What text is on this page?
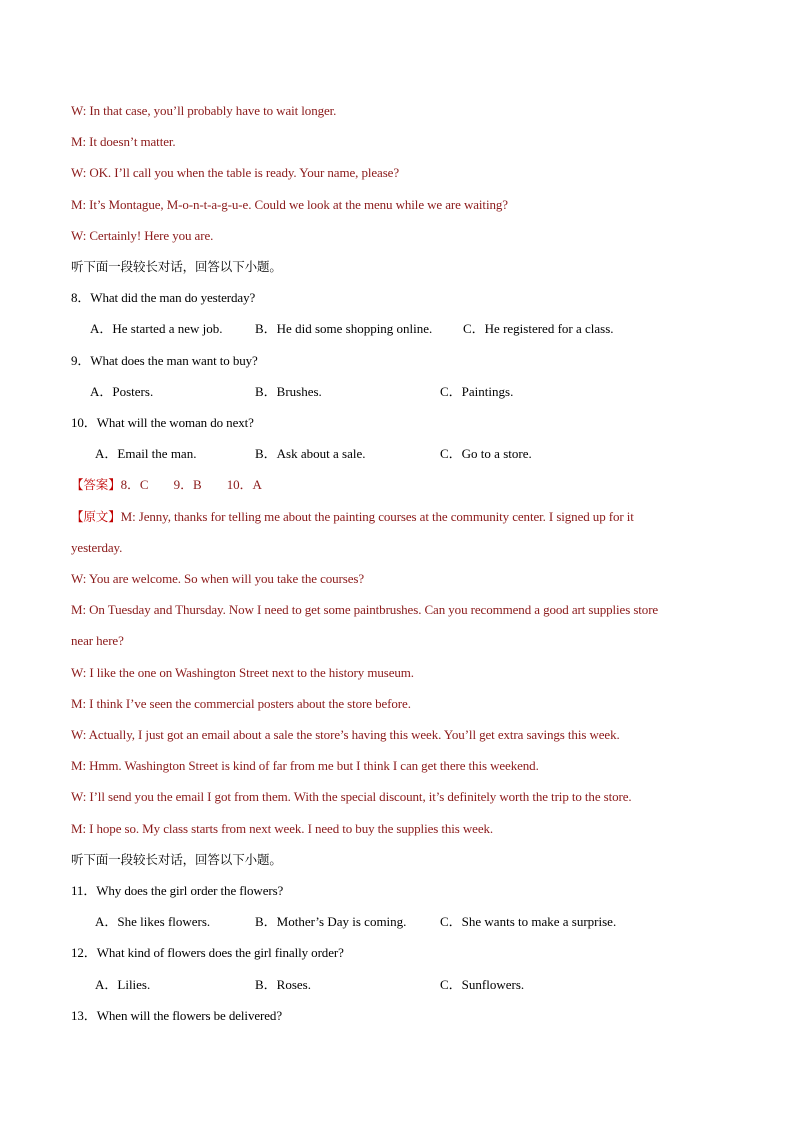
W: In that case, you’ll probably have to wait longer.
M: It doesn’t matter.
W: OK. I’ll call you when the table is ready. Your name, please?
M: It’s Montague, M-o-n-t-a-g-u-e. Could we look at the menu while we are waiting?
W: Certainly! Here you are.
听下面一段较长对话，回答以下小题。
8．What did the man do yesterday?
A．He started a new job.	B．He did some shopping online. C．He registered for a class.
9．What does the man want to buy?
A．Posters.	B．Brushes.	C．Paintings.
10．What will the woman do next?
A．Email the man.	B．Ask about a sale.	C．Go to a store.
【答案】8．C        9．B        10．A
【原文】M: Jenny, thanks for telling me about the painting courses at the community center. I signed up for it
yesterday.
W: You are welcome. So when will you take the courses?
M: On Tuesday and Thursday. Now I need to get some paintbrushes. Can you recommend a good art supplies store
near here?
W: I like the one on Washington Street next to the history museum.
M: I think I’ve seen the commercial posters about the store before.
W: Actually, I just got an email about a sale the store’s having this week. You’ll get extra savings this week.
M: Hmm. Washington Street is kind of far from me but I think I can get there this weekend.
W: I’ll send you the email I got from them. With the special discount, it’s definitely worth the trip to the store.
M: I hope so. My class starts from next week. I need to buy the supplies this week.
听下面一段较长对话，回答以下小题。
11．Why does the girl order the flowers?
A．She likes flowers.	B．Mother’s Day is coming.	C．She wants to make a surprise.
12．What kind of flowers does the girl finally order?
A．Lilies.	B．Roses.	C．Sunflowers.
13．When will the flowers be delivered?
